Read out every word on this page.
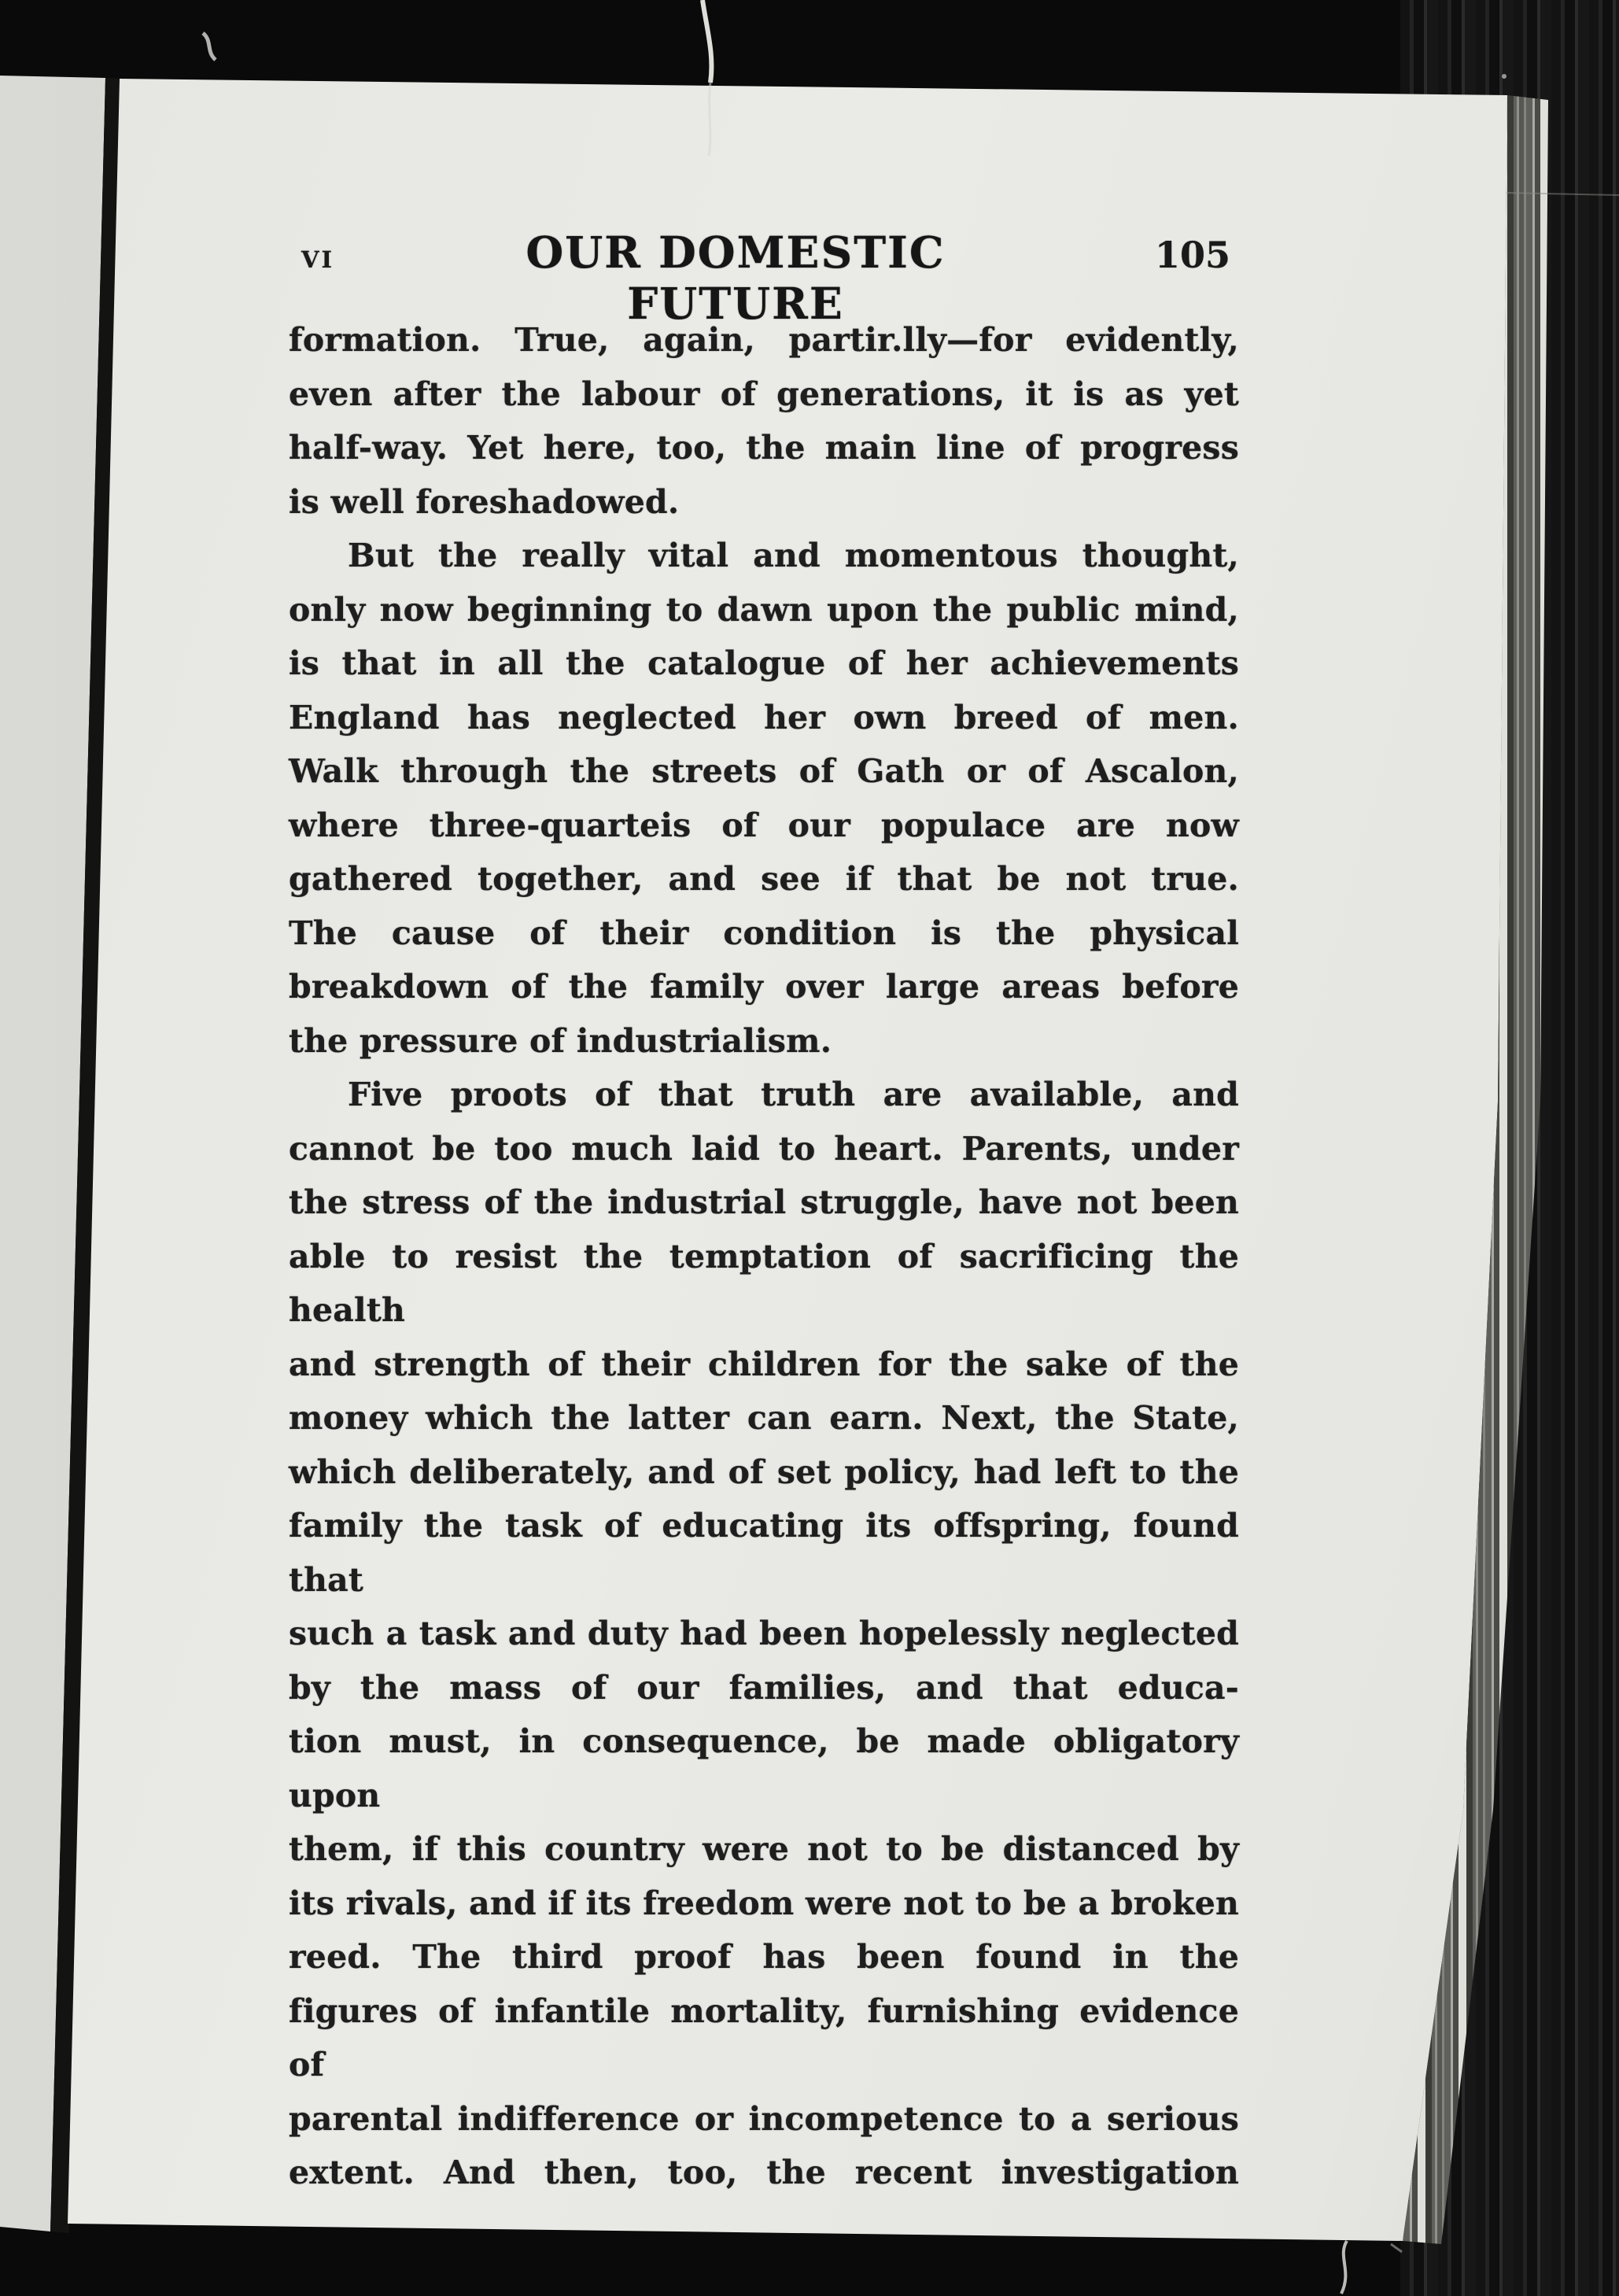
VI	OUR DOMESTIC FUTURE
105
formation. True, again, partir.lly—for evidently,
even after the labour of generations, it is as yet
half-way. Yet here, too, the main line of progress
is well foreshadowed.
But the really vital and momentous thought,
only now beginning to dawn upon the public mind,
is that in all the catalogue of her achievements
England has neglected her own breed of men.
Walk through the streets of Gath or of Ascalon,
where three-quarteis of our populace are now
gathered together, and see if that be not true.
The cause of their condition is the physical
breakdown of the family over large areas before
the pressure of industrialism.
Five proots of that truth are available, and
cannot be too much laid to heart. Parents, under
the stress of the industrial struggle, have not been
able to resist the temptation of sacrificing the health
and strength of their children for the sake of the
money which the latter can earn. Next, the State,
which deliberately, and of set policy, had left to the
family the task of educating its offspring, found that
such a task and duty had been hopelessly neglected
by the mass of our families, and that educa-
tion must, in consequence, be made obligatory upon
them, if this country were not to be distanced by
its rivals, and if its freedom were not to be a broken
reed. The third proof has been found in the
figures of infantile mortality, furnishing evidence of
parental indifference or incompetence to a serious
extent. And then, too, the recent investigation
